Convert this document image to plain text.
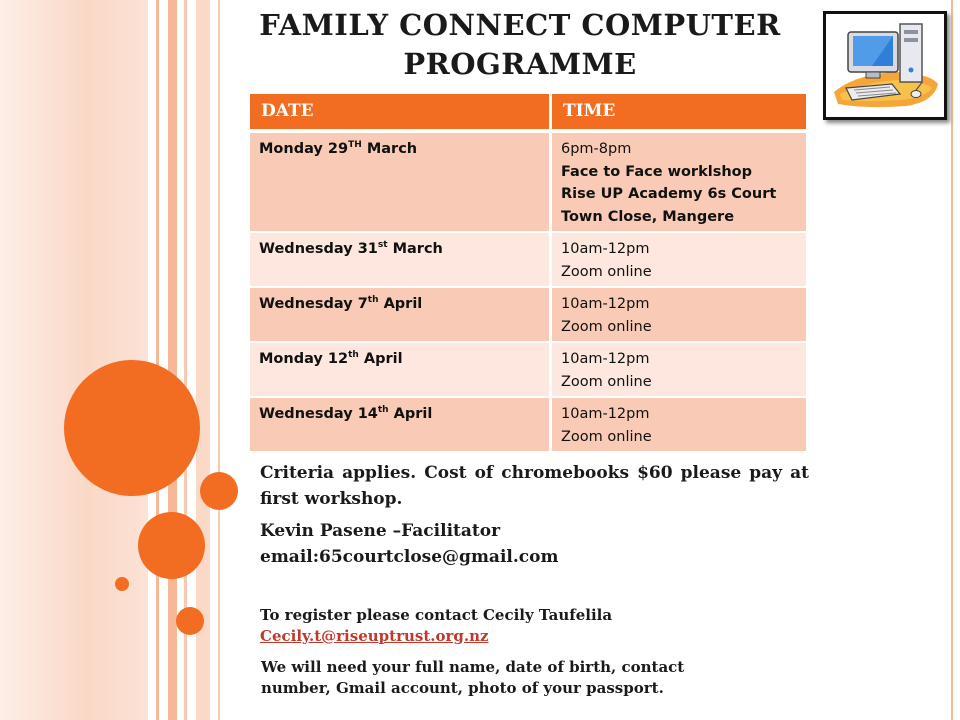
FAMILY CONNECT COMPUTER
PROGRAMME
DATE	TIME
Monday 29TH March	6pm-8pm
Face to Face worklshop
Rise UP Academy 6s Court
Town Close, Mangere

Wednesday 31st March	10am-12pm
Zoom online

Wednesday 7th April	10am-12pm
Zoom online

Monday 12th April	10am-12pm
Zoom online

Wednesday 14th April	10am-12pm
Zoom online
Criteria applies. Cost of chromebooks $60 please pay at first workshop.
Kevin Pasene –Facilitator
email:65courtclose@gmail.com
To register please contact Cecily Taufelila
Cecily.t@riseuptrust.org.nz
We will need your full name, date of birth, contact
number, Gmail account, photo of your passport.
